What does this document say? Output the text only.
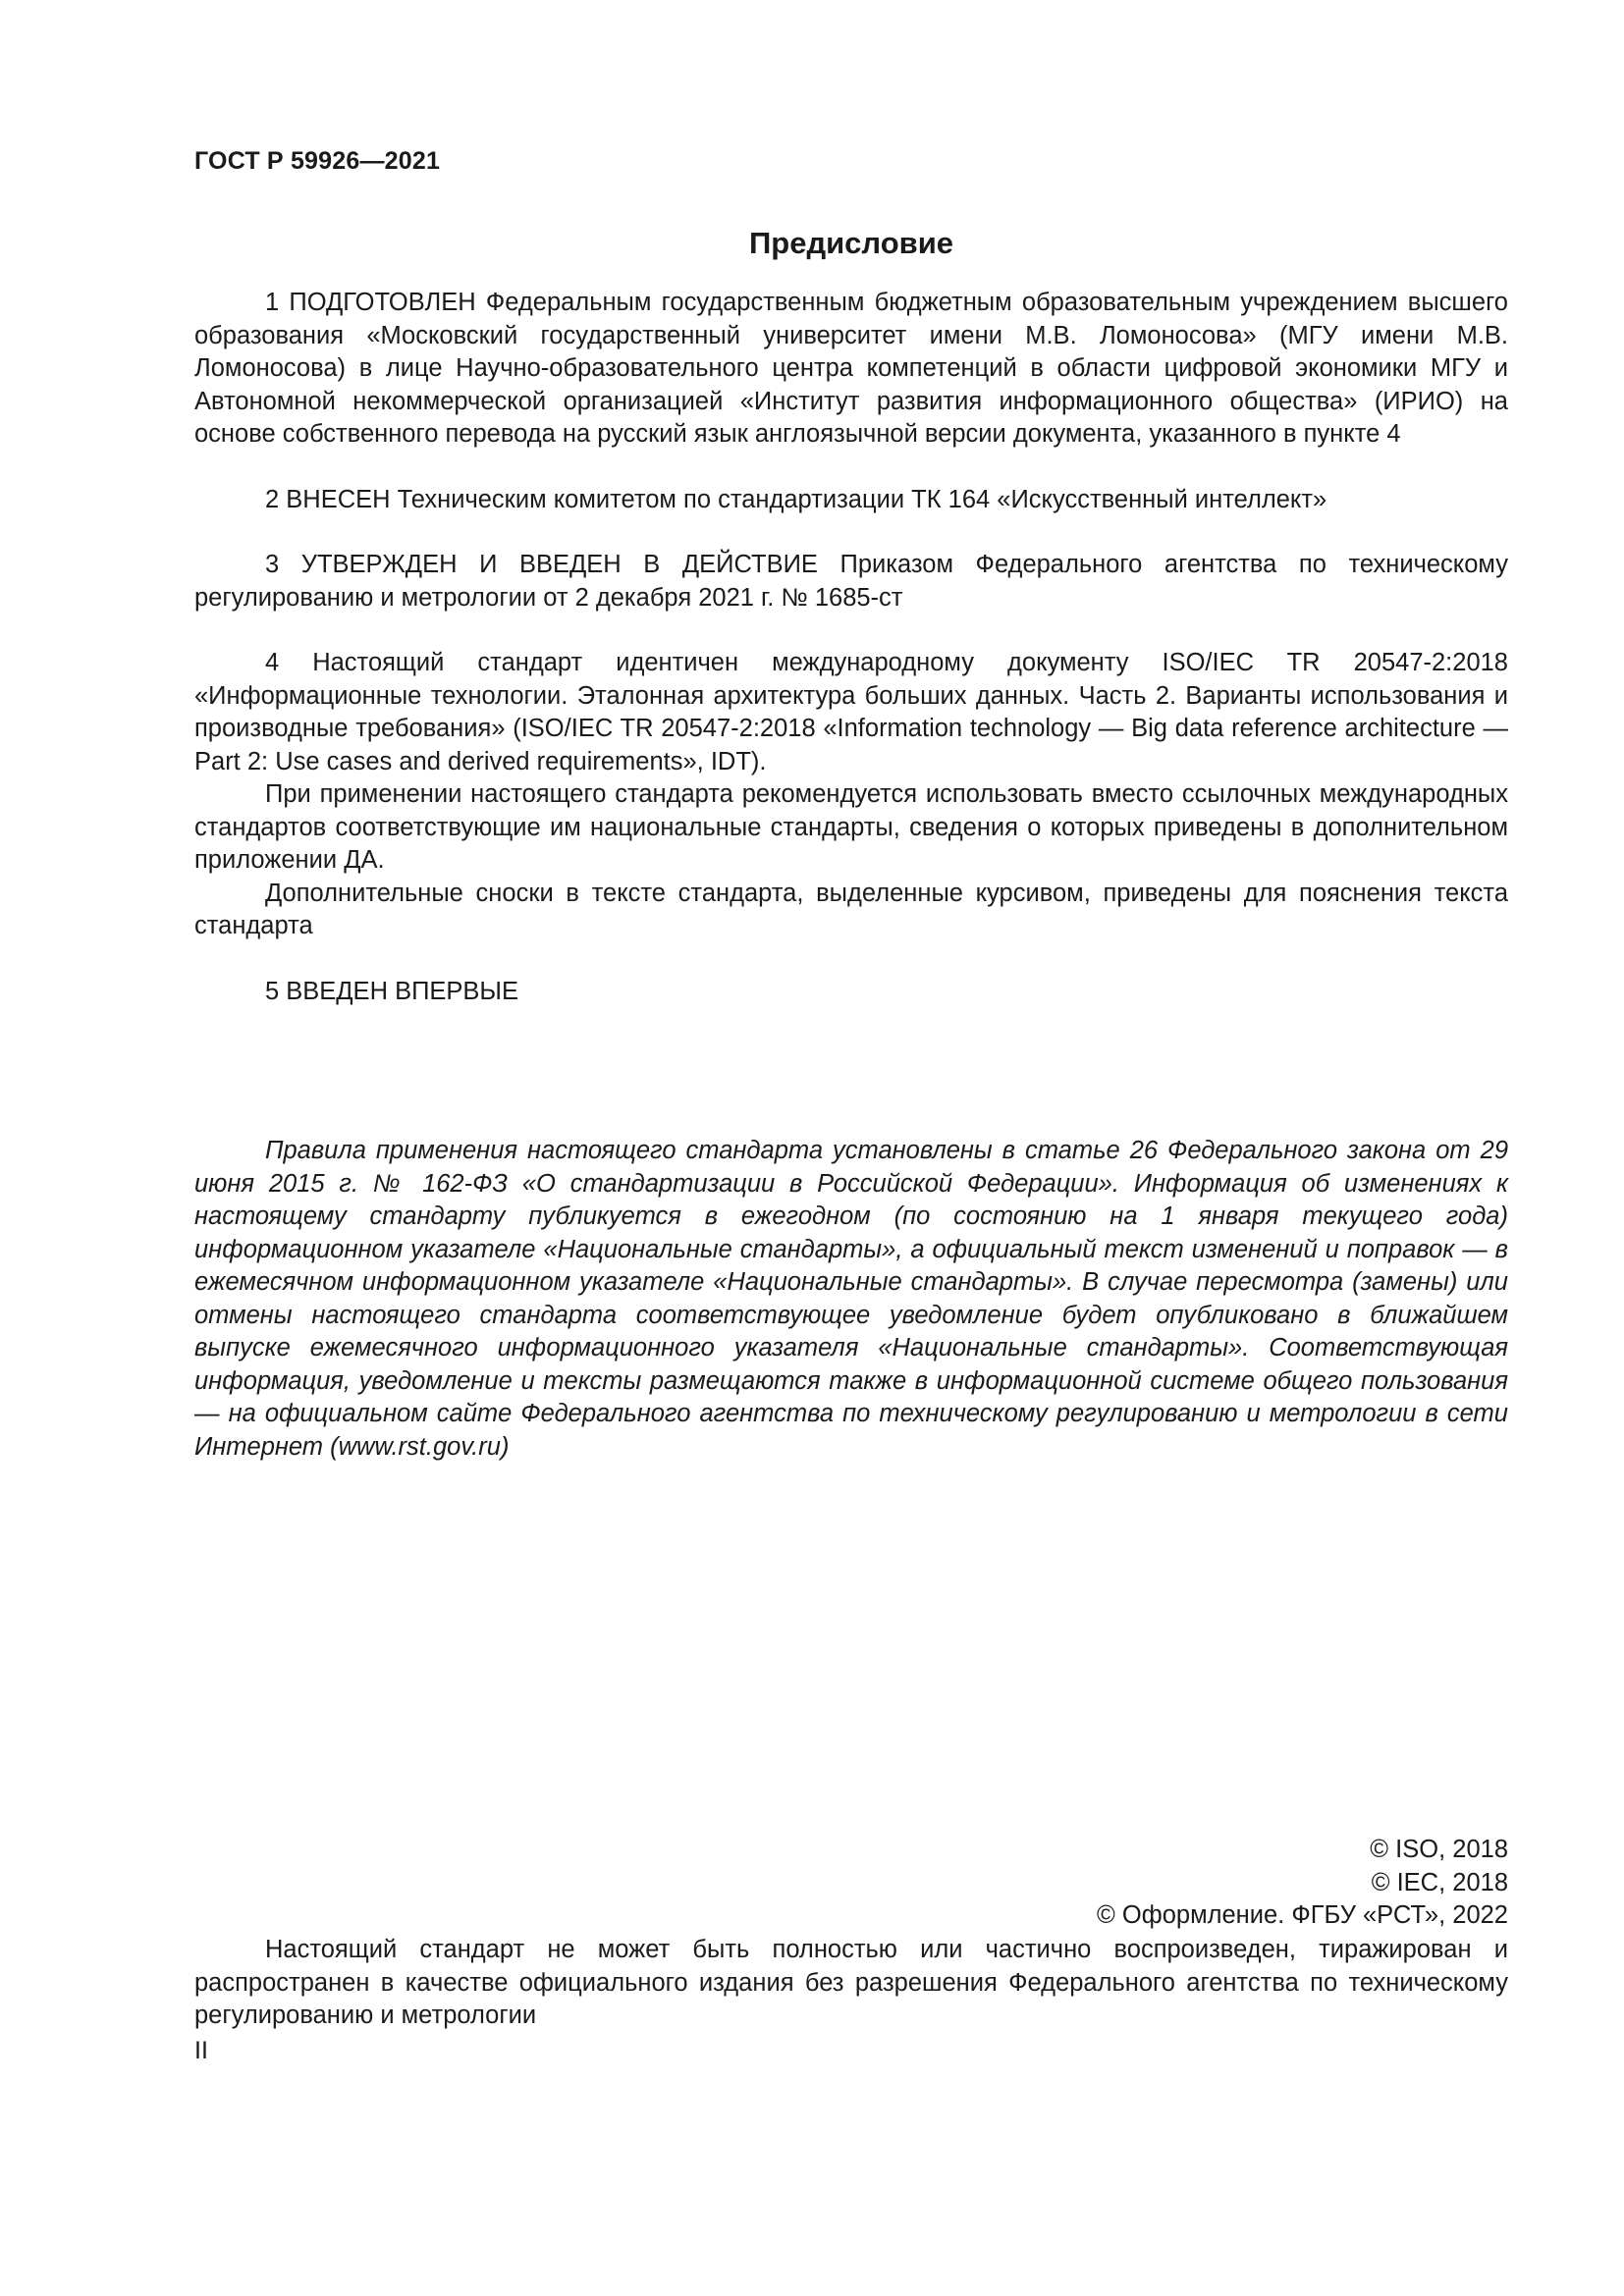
ГОСТ Р 59926—2021
Предисловие

1 ПОДГОТОВЛЕН Федеральным государственным бюджетным образовательным учреждением высшего образования «Московский государственный университет имени М.В. Ломоносова» (МГУ имени М.В. Ломоносова) в лице Научно-образовательного центра компетенций в области цифровой экономики МГУ и Автономной некоммерческой организацией «Институт развития информационного общества» (ИРИО) на основе собственного перевода на русский язык англоязычной версии документа, указанного в пункте 4

2 ВНЕСЕН Техническим комитетом по стандартизации ТК 164 «Искусственный интеллект»

3 УТВЕРЖДЕН И ВВЕДЕН В ДЕЙСТВИЕ Приказом Федерального агентства по техническому регулированию и метрологии от 2 декабря 2021 г. № 1685-ст

4 Настоящий стандарт идентичен международному документу ISO/IEC TR 20547-2:2018 «Информационные технологии. Эталонная архитектура больших данных. Часть 2. Варианты использования и производные требования» (ISO/IEC TR 20547-2:2018 «Information technology — Big data reference architecture — Part 2: Use cases and derived requirements», IDT).

При применении настоящего стандарта рекомендуется использовать вместо ссылочных международных стандартов соответствующие им национальные стандарты, сведения о которых приведены в дополнительном приложении ДА.

Дополнительные сноски в тексте стандарта, выделенные курсивом, приведены для пояснения текста стандарта

5 ВВЕДЕН ВПЕРВЫЕ

Правила применения настоящего стандарта установлены в статье 26 Федерального закона от 29 июня 2015 г. № 162-ФЗ «О стандартизации в Российской Федерации». Информация об изменениях к настоящему стандарту публикуется в ежегодном (по состоянию на 1 января текущего года) информационном указателе «Национальные стандарты», а официальный текст изменений и поправок — в ежемесячном информационном указателе «Национальные стандарты». В случае пересмотра (замены) или отмены настоящего стандарта соответствующее уведомление будет опубликовано в ближайшем выпуске ежемесячного информационного указателя «Национальные стандарты». Соответствующая информация, уведомление и тексты размещаются также в информационной системе общего пользования — на официальном сайте Федерального агентства по техническому регулированию и метрологии в сети Интернет (www.rst.gov.ru)

© ISO, 2018
© IEC, 2018
© Оформление. ФГБУ «РСТ», 2022

Настоящий стандарт не может быть полностью или частично воспроизведен, тиражирован и распространен в качестве официального издания без разрешения Федерального агентства по техническому регулированию и метрологии

II
